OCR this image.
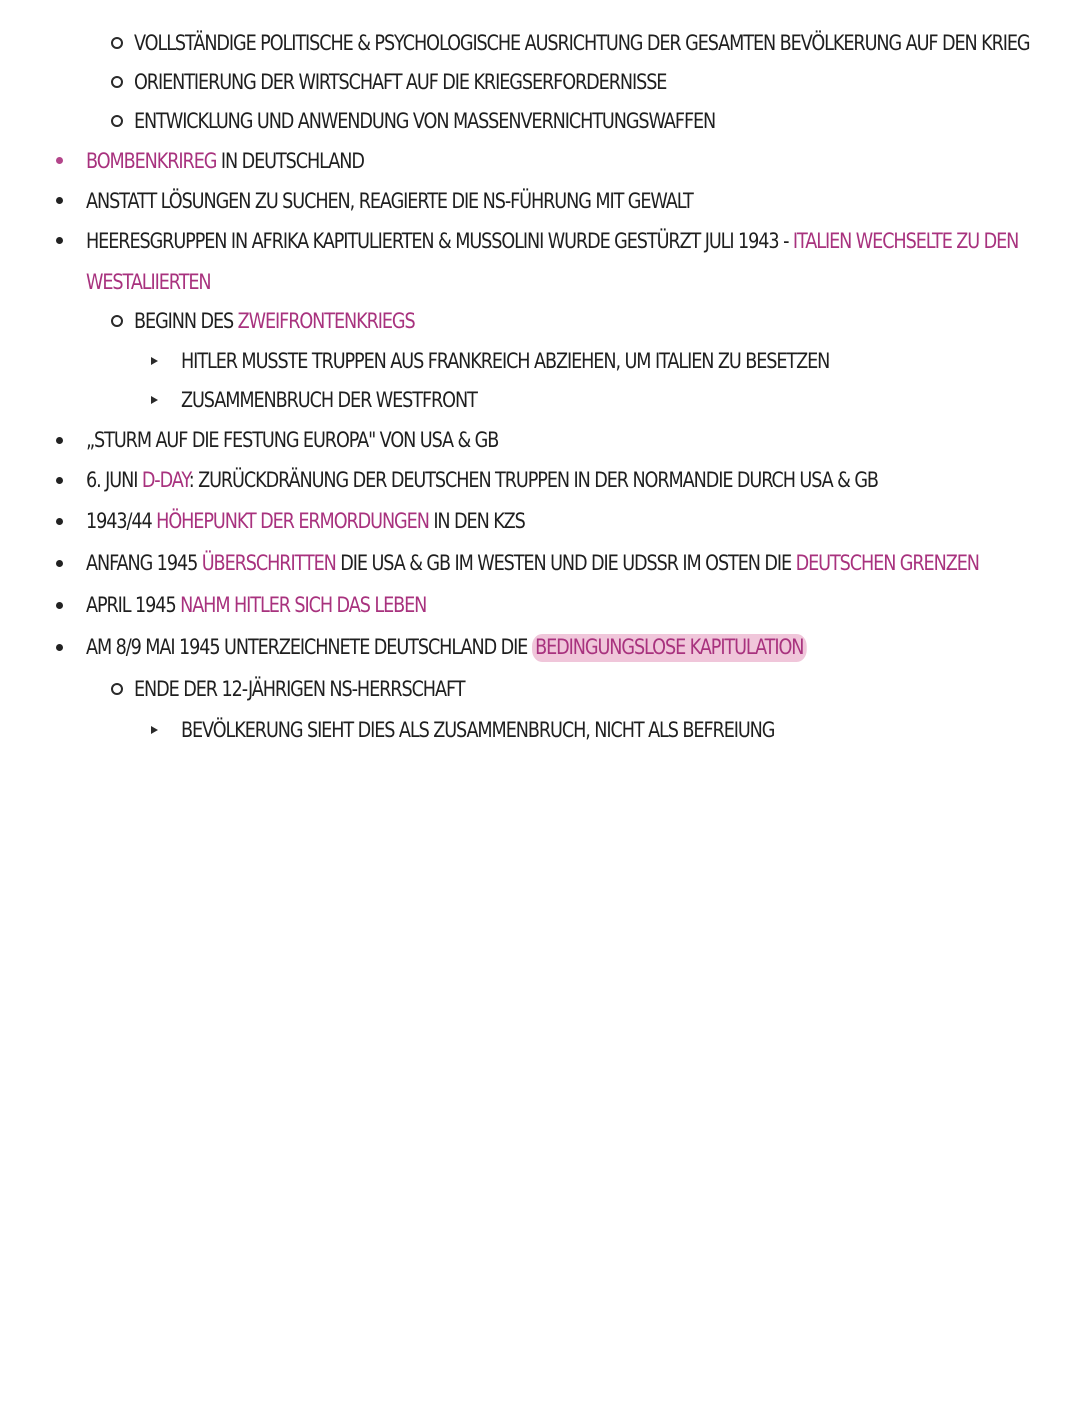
VOLLSTÄNDIGE POLITISCHE & PSYCHOLOGISCHE AUSRICHTUNG DER GESAMTEN BEVÖLKERUNG AUF DEN KRIEG
ORIENTIERUNG DER WIRTSCHAFT AUF DIE KRIEGSERFORDERNISSE
ENTWICKLUNG UND ANWENDUNG VON MASSENVERNICHTUNGSWAFFEN
BOMBENKRIREG IN DEUTSCHLAND
ANSTATT LÖSUNGEN ZU SUCHEN, REAGIERTE DIE NS-FÜHRUNG MIT GEWALT
HEERESGRUPPEN IN AFRIKA KAPITULIERTEN & MUSSOLINI WURDE GESTÜRZT JULI 1943 - ITALIEN WECHSELTE ZU DEN
WESTALIIERTEN
BEGINN DES ZWEIFRONTENKRIEGS
HITLER MUSSTE TRUPPEN AUS FRANKREICH ABZIEHEN, UM ITALIEN ZU BESETZEN
ZUSAMMENBRUCH DER WESTFRONT
„STURM AUF DIE FESTUNG EUROPA" VON USA & GB
6. JUNI D-DAY: ZURÜCKDRÄNUNG DER DEUTSCHEN TRUPPEN IN DER NORMANDIE DURCH USA & GB
1943/44 HÖHEPUNKT DER ERMORDUNGEN IN DEN KZS
ANFANG 1945 ÜBERSCHRITTEN DIE USA & GB IM WESTEN UND DIE UDSSR IM OSTEN DIE DEUTSCHEN GRENZEN
APRIL 1945 NAHM HITLER SICH DAS LEBEN
AM 8/9 MAI 1945 UNTERZEICHNETE DEUTSCHLAND DIE BEDINGUNGSLOSE KAPITULATION
ENDE DER 12-JÄHRIGEN NS-HERRSCHAFT
BEVÖLKERUNG SIEHT DIES ALS ZUSAMMENBRUCH, NICHT ALS BEFREIUNG
